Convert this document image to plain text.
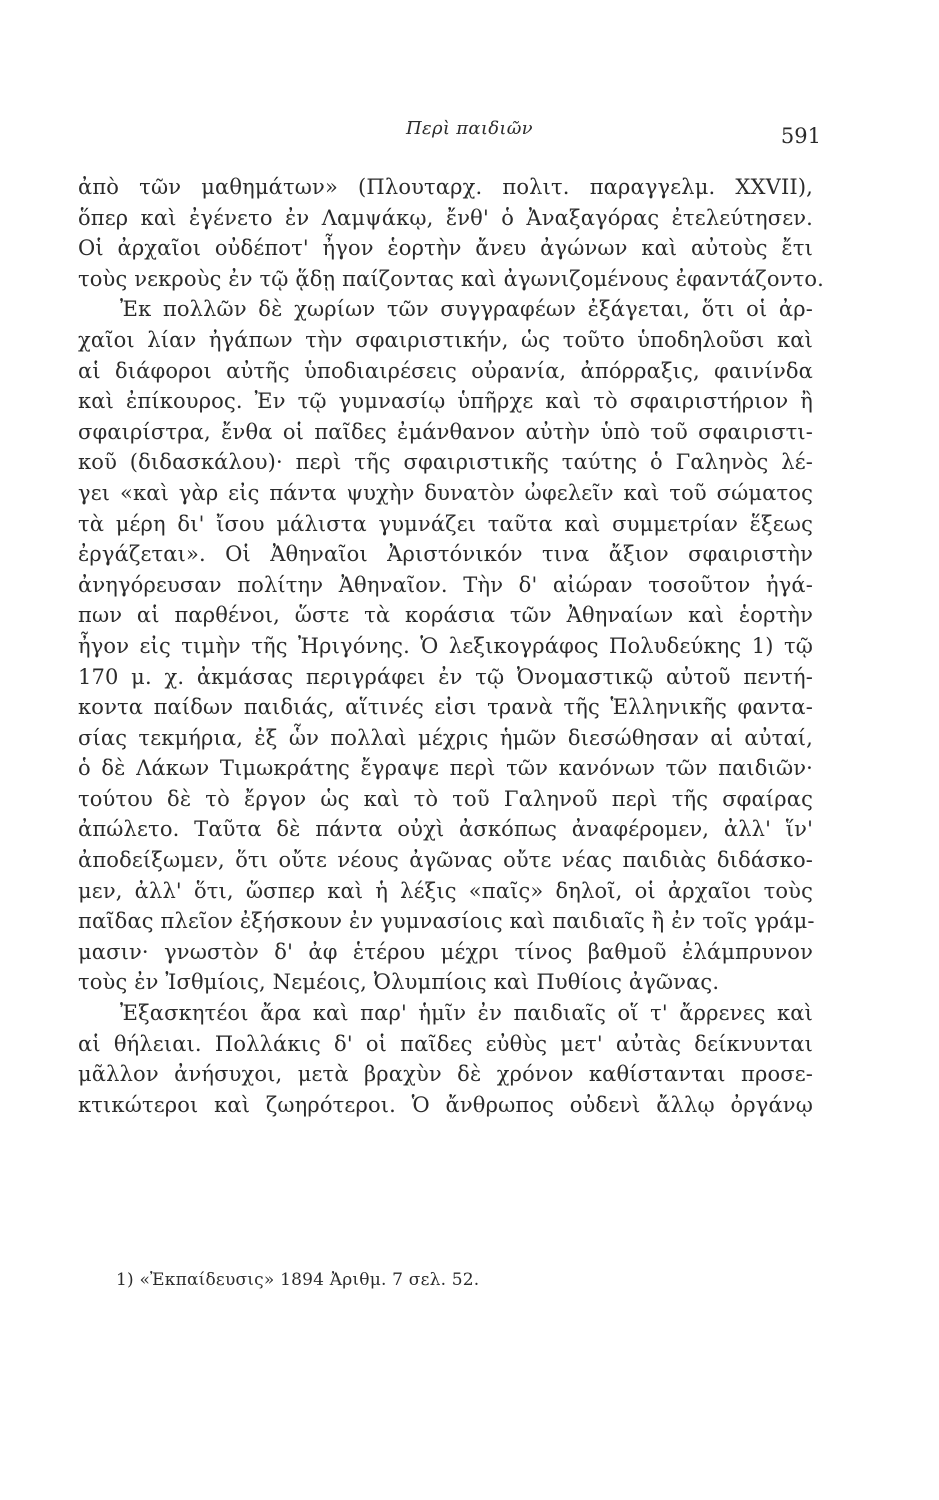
Περὶ παιδιῶν	591
ἀπὸ τῶν μαθημάτων» (Πλουταρχ. πολιτ. παραγγελμ. XXVII),
ὅπερ καὶ ἐγένετο ἐν Λαμψάκῳ, ἔνθ' ὁ Ἀναξαγόρας ἐτελεύτησεν.
Οἱ ἀρχαῖοι οὐδέποτ' ἦγον ἑορτὴν ἄνευ ἀγώνων καὶ αὐτοὺς ἔτι
τοὺς νεκροὺς ἐν τῷ ᾅδῃ παίζοντας καὶ ἀγωνιζομένους ἐφαντάζοντο.
Ἐκ πολλῶν δὲ χωρίων τῶν συγγραφέων ἐξάγεται, ὅτι οἱ ἀρ-
χαῖοι λίαν ἠγάπων τὴν σφαιριστικήν, ὡς τοῦτο ὑποδηλοῦσι καὶ
αἱ διάφοροι αὐτῆς ὑποδιαιρέσεις οὐρανία, ἀπόρραξις, φαινίνδα
καὶ ἐπίκουρος. Ἐν τῷ γυμνασίῳ ὑπῆρχε καὶ τὸ σφαιριστήριον ἢ
σφαιρίστρα, ἔνθα οἱ παῖδες ἐμάνθανον αὐτὴν ὑπὸ τοῦ σφαιριστι-
κοῦ (διδασκάλου)· περὶ τῆς σφαιριστικῆς ταύτης ὁ Γαληνὸς λέ-
γει «καὶ γὰρ εἰς πάντα ψυχὴν δυνατὸν ὠφελεῖν καὶ τοῦ σώματος
τὰ μέρη δι' ἴσου μάλιστα γυμνάζει ταῦτα καὶ συμμετρίαν ἕξεως
ἐργάζεται». Οἱ Ἀθηναῖοι Ἀριστόνικόν τινα ἄξιον σφαιριστὴν
ἀνηγόρευσαν πολίτην Ἀθηναῖον. Τὴν δ' αἰώραν τοσοῦτον ἠγά-
πων αἱ παρθένοι, ὥστε τὰ κοράσια τῶν Ἀθηναίων καὶ ἑορτὴν
ἦγον εἰς τιμὴν τῆς Ἠριγόνης. Ὁ λεξικογράφος Πολυδεύκης 1) τῷ
170 μ. χ. ἀκμάσας περιγράφει ἐν τῷ Ὀνομαστικῷ αὐτοῦ πεντή-
κοντα παίδων παιδιάς, αἵτινές εἰσι τρανὰ τῆς Ἑλληνικῆς φαντα-
σίας τεκμήρια, ἐξ ὧν πολλαὶ μέχρις ἡμῶν διεσώθησαν αἱ αὐταί,
ὁ δὲ Λάκων Τιμωκράτης ἔγραψε περὶ τῶν κανόνων τῶν παιδιῶν·
τούτου δὲ τὸ ἔργον ὡς καὶ τὸ τοῦ Γαληνοῦ περὶ τῆς σφαίρας
ἀπώλετο. Ταῦτα δὲ πάντα οὐχὶ ἀσκόπως ἀναφέρομεν, ἀλλ' ἵν'
ἀποδείξωμεν, ὅτι οὔτε νέους ἀγῶνας οὔτε νέας παιδιὰς διδάσκο-
μεν, ἀλλ' ὅτι, ὥσπερ καὶ ἡ λέξις «παῖς» δηλοῖ, οἱ ἀρχαῖοι τοὺς
παῖδας πλεῖον ἐξήσκουν ἐν γυμνασίοις καὶ παιδιαῖς ἢ ἐν τοῖς γράμ-
μασιν· γνωστὸν δ' ἀφ ἑτέρου μέχρι τίνος βαθμοῦ ἐλάμπρυνον
τοὺς ἐν Ἰσθμίοις, Νεμέοις, Ὀλυμπίοις καὶ Πυθίοις ἀγῶνας.
Ἐξασκητέοι ἄρα καὶ παρ' ἡμῖν ἐν παιδιαῖς οἵ τ' ἄρρενες καὶ
αἱ θήλειαι. Πολλάκις δ' οἱ παῖδες εὐθὺς μετ' αὐτὰς δείκνυνται
μᾶλλον ἀνήσυχοι, μετὰ βραχὺν δὲ χρόνον καθίστανται προσε-
κτικώτεροι καὶ ζωηρότεροι. Ὁ ἄνθρωπος οὐδενὶ ἄλλῳ ὀργάνῳ
1) «Ἐκπαίδευσις» 1894 Ἀριθμ. 7 σελ. 52.
